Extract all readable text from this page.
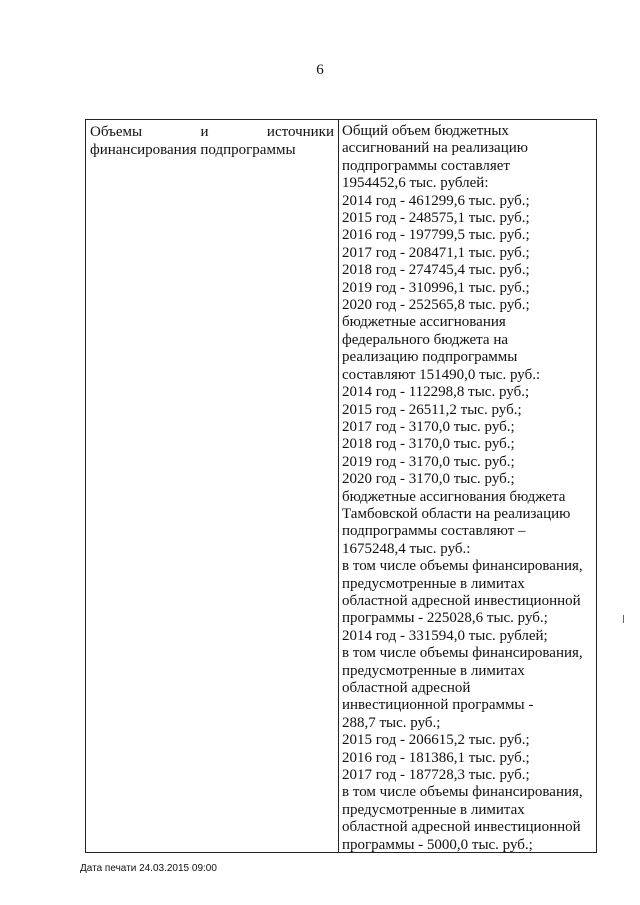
6
Объемы	и	источники
финансирования подпрограммы
Общий объем бюджетных
ассигнований на реализацию
подпрограммы составляет
1954452,6 тыс. рублей:
2014 год - 461299,6 тыс. руб.;
2015 год - 248575,1 тыс. руб.;
2016 год - 197799,5 тыс. руб.;
2017 год - 208471,1 тыс. руб.;
2018 год - 274745,4 тыс. руб.;
2019 год - 310996,1 тыс. руб.;
2020 год - 252565,8 тыс. руб.;
бюджетные ассигнования
федерального бюджета на
реализацию подпрограммы
составляют 151490,0 тыс. руб.:
2014 год - 112298,8 тыс. руб.;
2015 год - 26511,2 тыс. руб.;
2017 год - 3170,0 тыс. руб.;
2018 год - 3170,0 тыс. руб.;
2019 год - 3170,0 тыс. руб.;
2020 год - 3170,0 тыс. руб.;
бюджетные ассигнования бюджета
Тамбовской области на реализацию
подпрограммы составляют –
1675248,4 тыс. руб.:
в том числе объемы финансирования,
предусмотренные в лимитах
областной адресной инвестиционной
программы - 225028,6 тыс. руб.;
2014 год - 331594,0 тыс. рублей;
в том числе объемы финансирования,
предусмотренные в лимитах
областной адресной
инвестиционной программы -
288,7 тыс. руб.;
2015 год - 206615,2 тыс. руб.;
2016 год - 181386,1 тыс. руб.;
2017 год - 187728,3 тыс. руб.;
в том числе объемы финансирования,
предусмотренные в лимитах
областной адресной инвестиционной
программы - 5000,0 тыс. руб.;
Дата печати 24.03.2015 09:00
